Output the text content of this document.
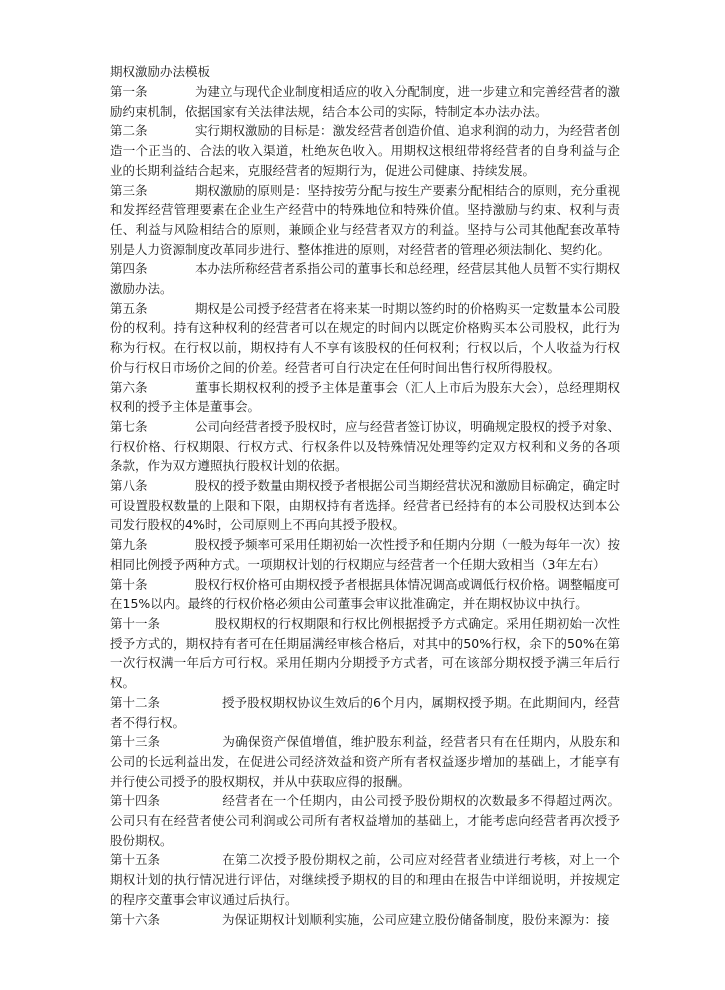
期权激励办法模板

第一条	为建立与现代企业制度相适应的收入分配制度，进一步建立和完善经营者的激励约束机制，依据国家有关法律法规，结合本公司的实际，特制定本办法办法。

第二条	实行期权激励的目标是：激发经营者创造价值、追求利润的动力，为经营者创造一个正当的、合法的收入渠道，杜绝灰色收入。用期权这根纽带将经营者的自身利益与企业的长期利益结合起来，克服经营者的短期行为，促进公司健康、持续发展。

第三条	期权激励的原则是：坚持按劳分配与按生产要素分配相结合的原则，充分重视和发挥经营管理要素在企业生产经营中的特殊地位和特殊价值。坚持激励与约束、权利与责任、利益与风险相结合的原则，兼顾企业与经营者双方的利益。坚持与公司其他配套改革特别是人力资源制度改革同步进行、整体推进的原则，对经营者的管理必须法制化、契约化。

第四条	本办法所称经营者系指公司的董事长和总经理，经营层其他人员暂不实行期权激励办法。

第五条	期权是公司授予经营者在将来某一时期以签约时的价格购买一定数量本公司股份的权利。持有这种权利的经营者可以在规定的时间内以既定价格购买本公司股权，此行为称为行权。在行权以前，期权持有人不享有该股权的任何权利；行权以后，个人收益为行权价与行权日市场价之间的价差。经营者可自行决定在任何时间出售行权所得股权。

第六条	董事长期权权利的授予主体是董事会（汇人上市后为股东大会），总经理期权权利的授予主体是董事会。

第七条	公司向经营者授予股权时，应与经营者签订协议，明确规定股权的授予对象、行权价格、行权期限、行权方式、行权条件以及特殊情况处理等约定双方权利和义务的各项条款，作为双方遵照执行股权计划的依据。

第八条	股权的授予数量由期权授予者根据公司当期经营状况和激励目标确定，确定时可设置股权数量的上限和下限，由期权持有者选择。经营者已经持有的本公司股权达到本公司发行股权的4%时，公司原则上不再向其授予股权。

第九条	股权授予频率可采用任期初始一次性授予和任期内分期（一般为每年一次）按相同比例授予两种方式。一项期权计划的行权期应与经营者一个任期大致相当（3年左右）

第十条	股权行权价格可由期权授予者根据具体情况调高或调低行权价格。调整幅度可在15%以内。最终的行权价格必须由公司董事会审议批准确定，并在期权协议中执行。

第十一条	股权期权的行权期限和行权比例根据授予方式确定。采用任期初始一次性授予方式的，期权持有者可在任期届满经审核合格后，对其中的50%行权，余下的50%在第一次行权满一年后方可行权。采用任期内分期授予方式者，可在该部分期权授予满三年后行权。

第十二条	授予股权期权协议生效后的6个月内，属期权授予期。在此期间内，经营者不得行权。

第十三条	为确保资产保值增值，维护股东利益，经营者只有在任期内，从股东和公司的长远利益出发，在促进公司经济效益和资产所有者权益逐步增加的基础上，才能享有并行使公司授予的股权期权，并从中获取应得的报酬。

第十四条	经营者在一个任期内，由公司授予股份期权的次数最多不得超过两次。公司只有在经营者使公司利润或公司所有者权益增加的基础上，才能考虑向经营者再次授予股份期权。

第十五条	在第二次授予股份期权之前，公司应对经营者业绩进行考核，对上一个期权计划的执行情况进行评估，对继续授予期权的目的和理由在报告中详细说明，并按规定的程序交董事会审议通过后执行。

第十六条	为保证期权计划顺利实施，公司应建立股份储备制度，股份来源为：接
